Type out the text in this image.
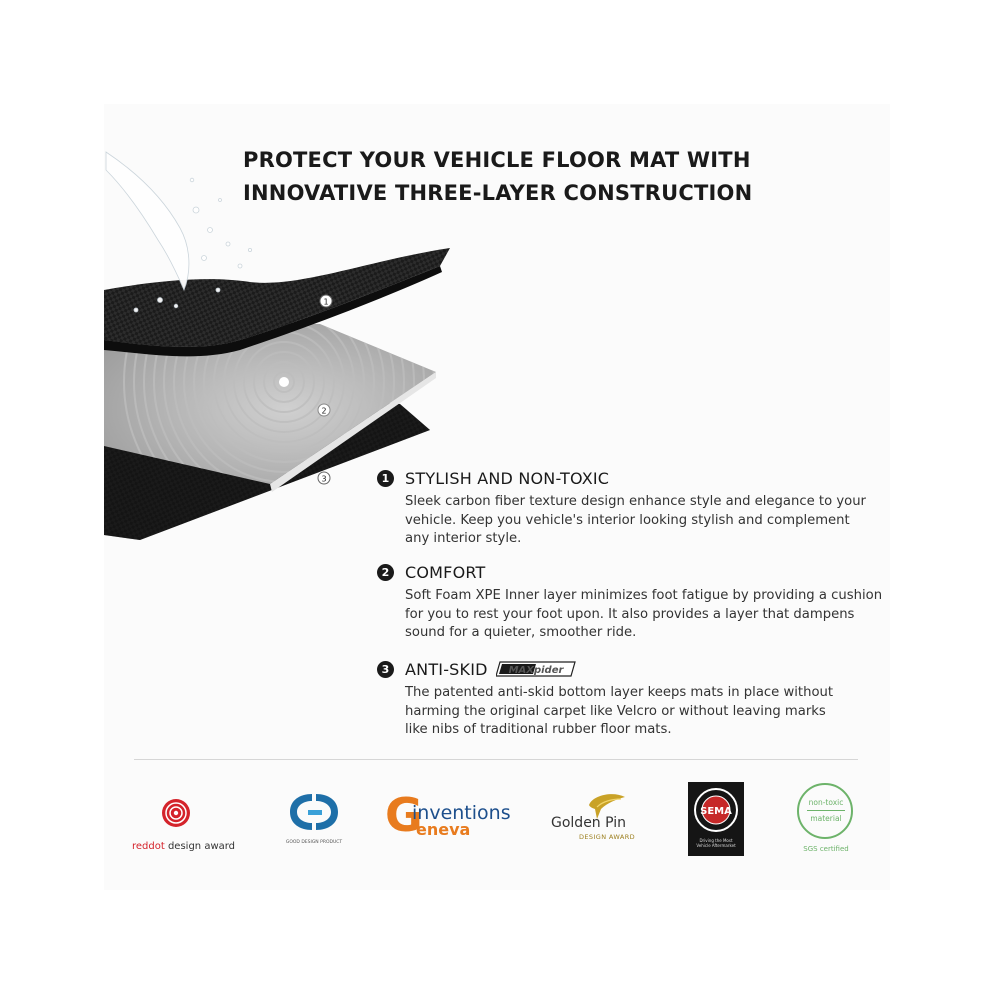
PROTECT YOUR VEHICLE FLOOR MAT WITH
INNOVATIVE THREE-LAYER CONSTRUCTION
1
2
3	1 STYLISH AND NON-TOXIC
Sleek carbon fiber texture design enhance style and elegance to your
vehicle. Keep you vehicle's interior looking stylish and complement
any interior style.
2 COMFORT
Soft Foam XPE Inner layer minimizes foot fatigue by providing a cushion
for you to rest your foot upon. It also provides a layer that dampens
sound for a quieter, smoother ride.
3 ANTI-SKID MAXpider
The patented anti-skid bottom layer keeps mats in place without
harming the original carpet like Velcro or without leaving marks
like nibs of traditional rubber floor mats.
reddot design award	GOOD DESIGN PRODUCT
G
inventions
eneva	Golden Pin
DESIGN AWARD
SEMA
Driving the Most
Vehicle Aftermarket
non-toxic
material
SGS certified
